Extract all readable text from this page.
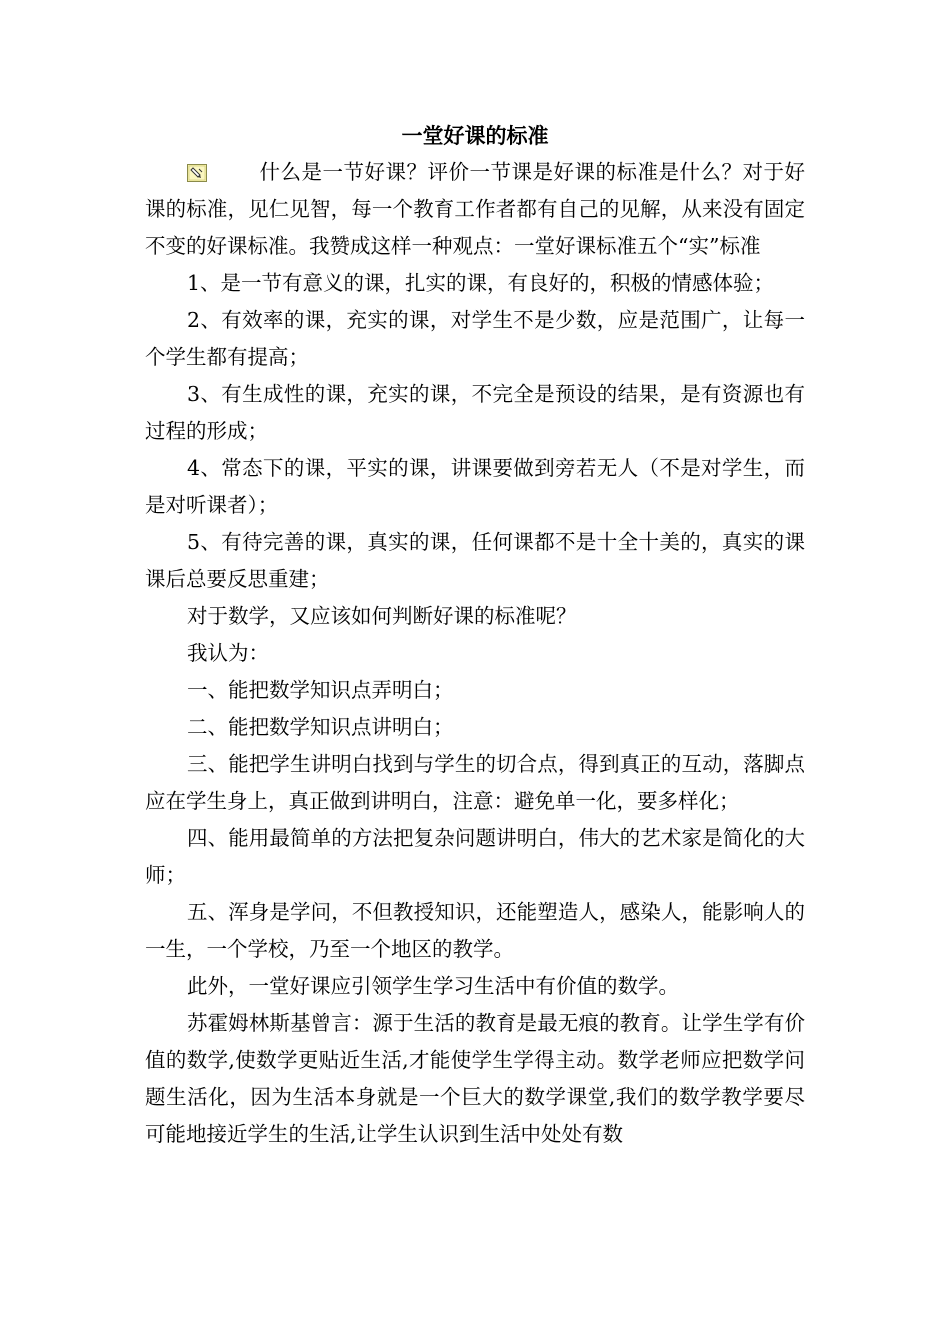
一堂好课的标准

什么是一节好课？评价一节课是好课的标准是什么？对于好课的标准，见仁见智，每一个教育工作者都有自己的见解，从来没有固定不变的好课标准。我赞成这样一种观点：一堂好课标准五个“实”标准

1、是一节有意义的课，扎实的课，有良好的，积极的情感体验；

2、有效率的课，充实的课，对学生不是少数，应是范围广，让每一个学生都有提高；

3、有生成性的课，充实的课，不完全是预设的结果，是有资源也有过程的形成；

4、常态下的课，平实的课，讲课要做到旁若无人（不是对学生，而是对听课者）；

5、有待完善的课，真实的课，任何课都不是十全十美的，真实的课课后总要反思重建；

对于数学，又应该如何判断好课的标准呢？

我认为：

一、能把数学知识点弄明白；

二、能把数学知识点讲明白；

三、能把学生讲明白找到与学生的切合点，得到真正的互动，落脚点应在学生身上，真正做到讲明白，注意：避免单一化，要多样化；

四、能用最简单的方法把复杂问题讲明白，伟大的艺术家是简化的大师；

五、浑身是学问，不但教授知识，还能塑造人，感染人，能影响人的一生，一个学校，乃至一个地区的教学。

此外，一堂好课应引领学生学习生活中有价值的数学。

苏霍姆林斯基曾言：源于生活的教育是最无痕的教育。让学生学有价值的数学,使数学更贴近生活,才能使学生学得主动。数学老师应把数学问题生活化，因为生活本身就是一个巨大的数学课堂,我们的数学教学要尽可能地接近学生的生活,让学生认识到生活中处处有数
